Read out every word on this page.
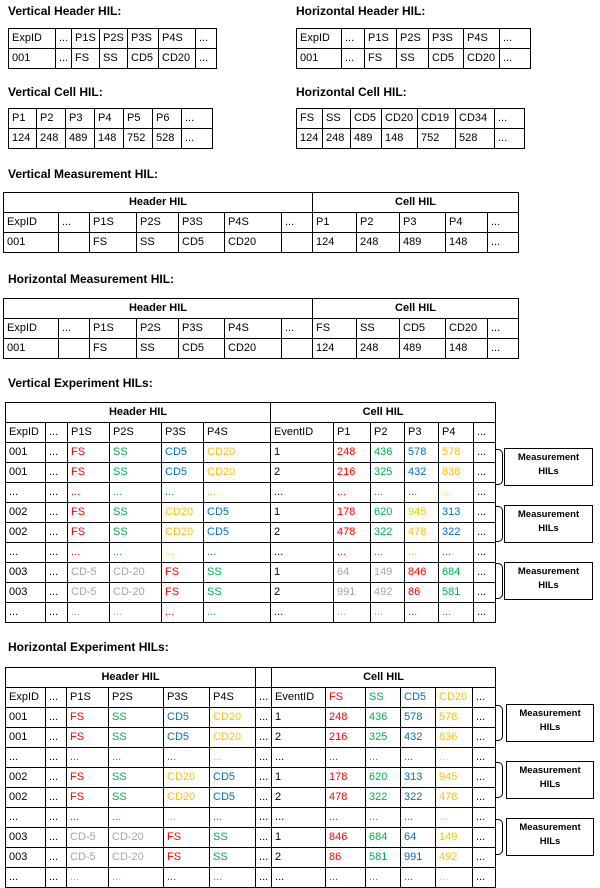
Vertical Header HIL:	Horizontal Header HIL:
Vertical Cell HIL:	Horizontal Cell HIL:
Vertical Measurement HIL:
Horizontal Measurement HIL:
Vertical Experiment HILs:
Horizontal Experiment HILs:
ExpID	...	P1S	P2S	P3S	P4S	...
001	...	FS	SS	CD5	CD20	...
ExpID	...	P1S	P2S	P3S	P4S	...
001	...	FS	SS	CD5	CD20	...
P1	P2	P3	P4	P5	P6	...
124	248	489	148	752	528	...
FS	SS	CD5	CD20	CD19	CD34	...
124	248	489	148	752	528	...
Header HIL							Cell HIL				
ExpID	...	P1S	P2S	P3S	P4S	...	P1	P2	P3	P4	...
001		FS	SS	CD5	CD20		124	248	489	148	...
Header HIL							Cell HIL				
ExpID	...	P1S	P2S	P3S	P4S	...	FS	SS	CD5	CD20	...
001		FS	SS	CD5	CD20		124	248	489	148	...
Header HIL						Cell HIL					
ExpID	...	P1S	P2S	P3S	P4S	EventID	P1	P2	P3	P4	...
001	...	FS	SS	CD5	CD20	1	248	436	578	578	...
001	...	FS	SS	CD5	CD20	2	216	325	432	836	...
...	...	...	...	...	...	...	...	...	...	...	...
002	...	FS	SS	CD20	CD5	1	178	620	945	313	...
002	...	FS	SS	CD20	CD5	2	478	322	478	322	...
...	...	...	...	...	...	...	...	...	...	...	...
003	...	CD-5	CD-20	FS	SS	1	64	149	846	684	...
003	...	CD-5	CD-20	FS	SS	2	991	492	86	581	...
...	...	...	...	...	...	...	...	...	...	...	...
Measurement
HILs
Measurement
HILs
Measurement
HILs
Header HIL							Cell HIL					
ExpID	...	P1S	P2S	P3S	P4S	...	EventID	FS	SS	CD5	CD20	...
001	...	FS	SS	CD5	CD20	...	1	248	436	578	578	...
001	...	FS	SS	CD5	CD20	...	2	216	325	432	836	...
...	...	...	...	...	...	...	...	...	...	...	...	...
002	...	FS	SS	CD20	CD5	...	1	178	620	313	945	...
002	...	FS	SS	CD20	CD5	...	2	478	322	322	478	...
...	...	...	...	...	...	...	...	...	...	...	...	...
003	...	CD-5	CD-20	FS	SS	...	1	846	684	64	149	...
003	...	CD-5	CD-20	FS	SS	...	2	86	581	991	492	...
...	...	...	...	...	...	...	...	...	...	...	...	...
Measurement
HILs
Measurement
HILs
Measurement
HILs
